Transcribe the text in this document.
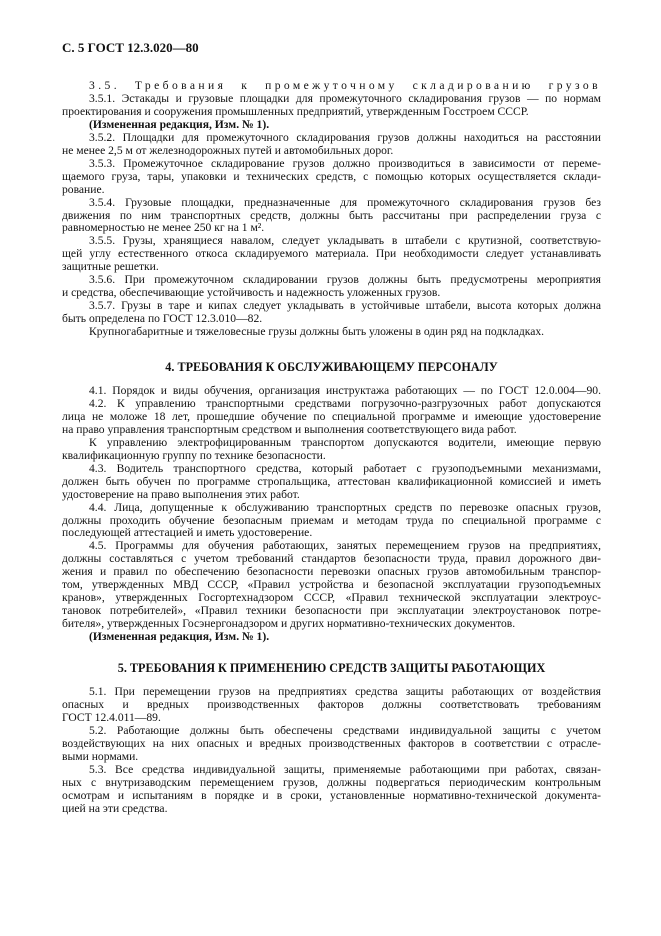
С. 5 ГОСТ 12.3.020—80
3.5. Требования к промежуточному складированию грузов
3.5.1. Эстакады и грузовые площадки для промежуточного складирования грузов — по нормам
проектирования и сооружения промышленных предприятий, утвержденным Госстроем СССР.
(Измененная редакция, Изм. № 1).
3.5.2. Площадки для промежуточного складирования грузов должны находиться на расстоянии
не менее 2,5 м от железнодорожных путей и автомобильных дорог.
3.5.3. Промежуточное складирование грузов должно производиться в зависимости от переме-
щаемого груза, тары, упаковки и технических средств, с помощью которых осуществляется склади-
рование.
3.5.4. Грузовые площадки, предназначенные для промежуточного складирования грузов без
движения по ним транспортных средств, должны быть рассчитаны при распределении груза с
равномерностью не менее 250 кг на 1 м².
3.5.5. Грузы, хранящиеся навалом, следует укладывать в штабели с крутизной, соответствую-
щей углу естественного откоса складируемого материала. При необходимости следует устанавливать
защитные решетки.
3.5.6. При промежуточном складировании грузов должны быть предусмотрены мероприятия
и средства, обеспечивающие устойчивость и надежность уложенных грузов.
3.5.7. Грузы в таре и кипах следует укладывать в устойчивые штабели, высота которых должна
быть определена по ГОСТ 12.3.010—82.
Крупногабаритные и тяжеловесные грузы должны быть уложены в один ряд на подкладках.
4. ТРЕБОВАНИЯ К ОБСЛУЖИВАЮЩЕМУ ПЕРСОНАЛУ
4.1. Порядок и виды обучения, организация инструктажа работающих — по ГОСТ 12.0.004—90.
4.2. К управлению транспортными средствами погрузочно-разгрузочных работ допускаются
лица не моложе 18 лет, прошедшие обучение по специальной программе и имеющие удостоверение
на право управления транспортным средством и выполнения соответствующего вида работ.
К управлению электрофицированным транспортом допускаются водители, имеющие первую
квалификационную группу по технике безопасности.
4.3. Водитель транспортного средства, который работает с грузоподъемными механизмами,
должен быть обучен по программе стропальщика, аттестован квалификационной комиссией и иметь
удостоверение на право выполнения этих работ.
4.4. Лица, допущенные к обслуживанию транспортных средств по перевозке опасных грузов,
должны проходить обучение безопасным приемам и методам труда по специальной программе с
последующей аттестацией и иметь удостоверение.
4.5. Программы для обучения работающих, занятых перемещением грузов на предприятиях,
должны составляться с учетом требований стандартов безопасности труда, правил дорожного дви-
жения и правил по обеспечению безопасности перевозки опасных грузов автомобильным транспор-
том, утвержденных МВД СССР, «Правил устройства и безопасной эксплуатации грузоподъемных
кранов», утвержденных Госгортехнадзором СССР, «Правил технической эксплуатации электроус-
тановок потребителей», «Правил техники безопасности при эксплуатации электроустановок потре-
бителя», утвержденных Госэнергонадзором и других нормативно-технических документов.
(Измененная редакция, Изм. № 1).
5. ТРЕБОВАНИЯ К ПРИМЕНЕНИЮ СРЕДСТВ ЗАЩИТЫ РАБОТАЮЩИХ
5.1. При перемещении грузов на предприятиях средства защиты работающих от воздействия
опасных и вредных производственных факторов должны соответствовать требованиям
ГОСТ 12.4.011—89.
5.2. Работающие должны быть обеспечены средствами индивидуальной защиты с учетом
воздействующих на них опасных и вредных производственных факторов в соответствии с отрасле-
выми нормами.
5.3. Все средства индивидуальной защиты, применяемые работающими при работах, связан-
ных с внутризаводским перемещением грузов, должны подвергаться периодическим контрольным
осмотрам и испытаниям в порядке и в сроки, установленные нормативно-технической документа-
цией на эти средства.
